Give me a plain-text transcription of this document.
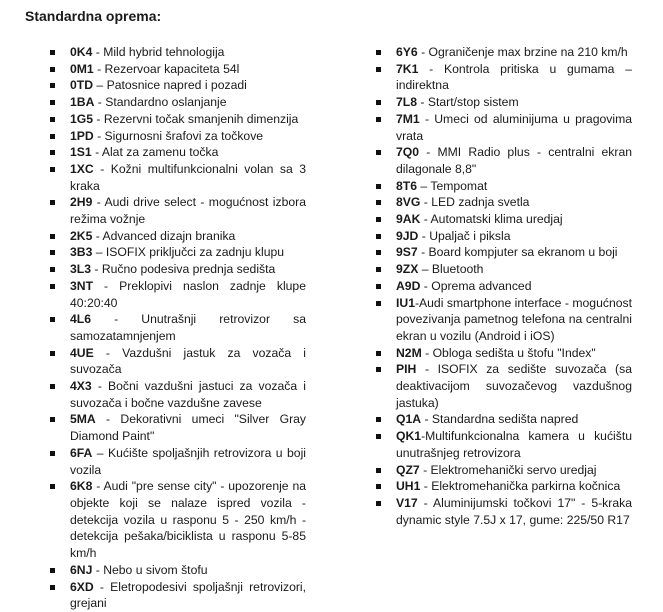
Standardna oprema:
0K4 - Mild hybrid tehnologija
0M1 - Rezervoar kapaciteta 54l
0TD – Patosnice napred i pozadi
1BA - Standardno oslanjanje
1G5 - Rezervni točak smanjenih dimenzija
1PD - Sigurnosni šrafovi za točkove
1S1 - Alat za zamenu točka
1XC - Kožni multifunkcionalni volan sa 3 kraka
2H9 - Audi drive select - mogućnost izbora režima vožnje
2K5 - Advanced dizajn branika
3B3 – ISOFIX priključci za zadnju klupu
3L3 - Ručno podesiva prednja sedišta
3NT - Preklopivi naslon zadnje klupe 40:20:40
4L6 - Unutrašnji retrovizor sa samozatamnjenjem
4UE - Vazdušni jastuk za vozača i suvozača
4X3 - Bočni vazdušni jastuci za vozača i suvozača i bočne vazdušne zavese
5MA - Dekorativni umeci "Silver Gray Diamond Paint"
6FA – Kućište spoljašnjih retrovizora u boji vozila
6K8 - Audi "pre sense city" - upozorenje na objekte koji se nalaze ispred vozila - detekcija vozila u rasponu 5 - 250 km/h - detekcija pešaka/biciklista u rasponu 5-85 km/h
6NJ - Nebo u sivom štofu
6XD - Eletropodesivi spoljašnji retrovizori, grejani
6Y6 - Ograničenje max brzine na 210 km/h
7K1 - Kontrola pritiska u gumama – indirektna
7L8 - Start/stop sistem
7M1 - Umeci od aluminijuma u pragovima vrata
7Q0 - MMI Radio plus - centralni ekran dilagonale 8,8"
8T6 – Tempomat
8VG - LED zadnja svetla
9AK - Automatski klima uredjaj
9JD - Upaljač i piksla
9S7 - Board kompjuter sa ekranom u boji
9ZX – Bluetooth
A9D - Oprema advanced
IU1-Audi smartphone interface - mogućnost povezivanja pametnog telefona na centralni ekran u vozilu (Android i iOS)
N2M - Obloga sedišta u štofu "Index"
PIH - ISOFIX za sedište suvozača (sa deaktivacijom suvozačevog vazdušnog jastuka)
Q1A - Standardna sedišta napred
QK1-Multifunkcionalna kamera u kućištu unutrašnjeg retrovizora
QZ7 - Elektromehanički servo uredjaj
UH1 - Elektromehanička parkirna kočnica
V17 - Aluminijumski točkovi 17" - 5-kraka dynamic style 7.5J x 17, gume: 225/50 R17
